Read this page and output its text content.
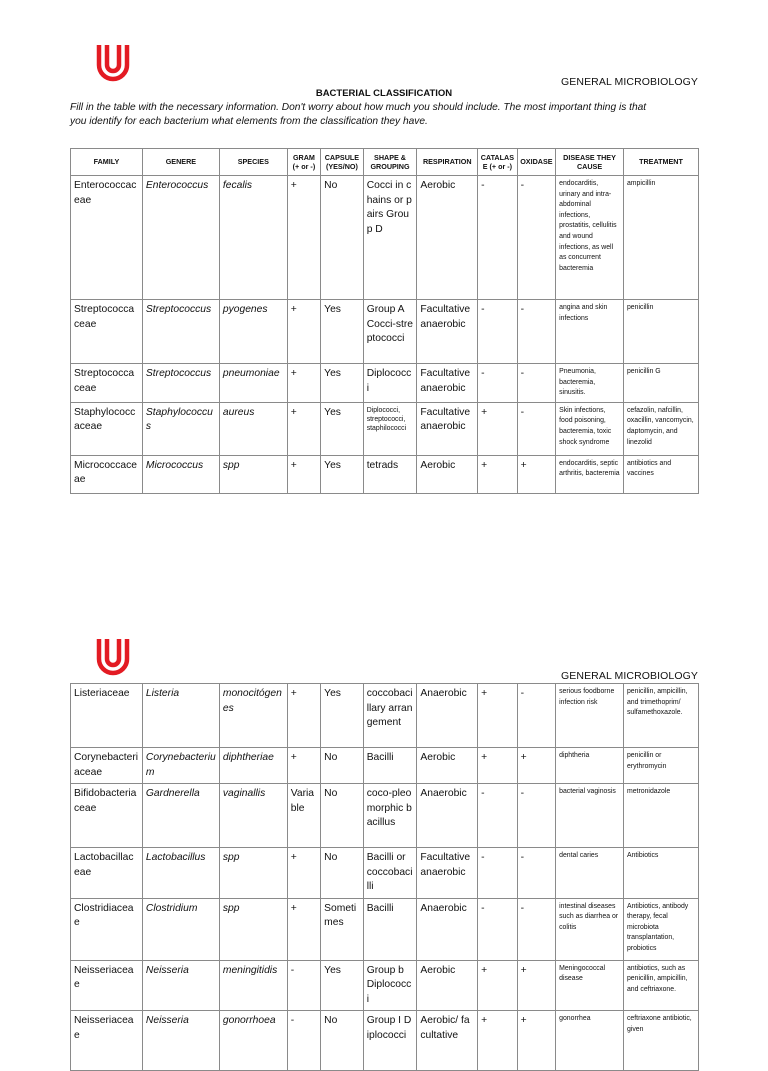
GENERAL MICROBIOLOGY
BACTERIAL CLASSIFICATION
Fill in the table with the necessary information. Don't worry about how much you should include. The most important thing is that
you identify for each bacterium what elements from the classification they have.
FAMILY	GENERE	SPECIES	GRAM (+ or -)	CAPSULE (YES/NO)	SHAPE & GROUPING	RESPIRATION	CATALAS E (+ or -)	OXIDASE	DISEASE THEY CAUSE	TREATMENT
Enterococcaceae	Enterococcus	fecalis	+	No	Cocci in chains or pairs Group D	Aerobic	-	-	endocarditis, urinary and intra-abdominal infections, prostatitis, cellulitis and wound infections, as well as concurrent bacteremia	ampicillin
Streptococcaceae	Streptococcus	pyogenes	+	Yes	Group A Cocci-streptococci	Facultative anaerobic	-	-	angina and skin infections	penicillin
Streptococcaceae	Streptococcus	pneumoniae	+	Yes	Diplococci	Facultative anaerobic	-	-	Pneumonia, bacteremia, sinusitis.	penicillin G
Staphylococcaceae	Staphylococcus	aureus	+	Yes	Diplococci, streptococci, staphilococci	Facultative anaerobic	+	-	Skin infections, food poisoning, bacteremia, toxic shock syndrome	cefazolin, nafcillin, oxacillin, vancomycin, daptomycin, and linezolid
Micrococcaceae	Micrococcus	spp	+	Yes	tetrads	Aerobic	+	+	endocarditis, septic arthritis, bacteremia	antibiotics and vaccines
GENERAL MICROBIOLOGY
Listeriaceae	Listeria	monocitógenes	+	Yes	coccobacillary arrangement	Anaerobic	+	-	serious foodborne infection risk	penicillin, ampicillin, and trimethoprim/ sulfamethoxazole.
Corynebacteriaceae	Corynebacterium	diphtheriae	+	No	Bacilli	Aerobic	+	+	diphtheria	penicillin or erythromycin
Bifidobacteriaceae	Gardnerella	vaginallis	Variable	No	coco-pleomorphic bacillus	Anaerobic	-	-	bacterial vaginosis	metronidazole
Lactobacillaceae	Lactobacillus	spp	+	No	Bacilli or coccobacilli	Facultative anaerobic	-	-	dental caries	Antibiotics
Clostridiaceae	Clostridium	spp	+	Sometimes	Bacilli	Anaerobic	-	-	intestinal diseases such as diarrhea or colitis	Antibiotics, antibody therapy, fecal microbiota transplantation, probiotics
Neisseriaceae	Neisseria	meningitidis	-	Yes	Group b Diplococci	Aerobic	+	+	Meningococcal disease	antibiotics, such as penicillin, ampicillin, and ceftriaxone.
Neisseriaceae	Neisseria	gonorrhoea	-	No	Group I Diplococci	Aerobic/ facultative	+	+	gonorrhea	ceftriaxone antibiotic, given
